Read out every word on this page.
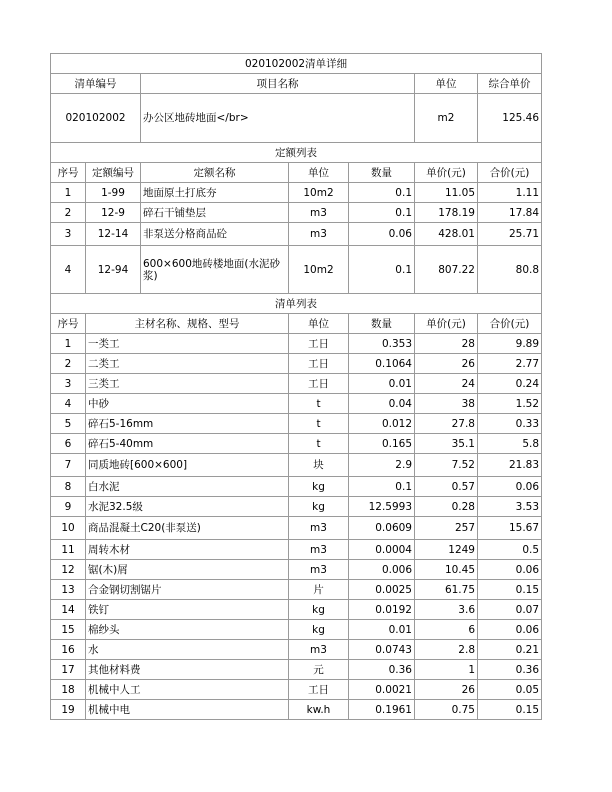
020102002清单详细						
清单编号		项目名称			单位	综合单价
020102002		办公区地砖地面</br>			m2	125.46
定额列表						
序号	定额编号	定额名称	单位	数量	单价(元)	合价(元)
1	1-99	地面原土打底夯	10m2	0.1	11.05	1.11
2	12-9	碎石干铺垫层	m3	0.1	178.19	17.84
3	12-14	非泵送分格商品砼	m3	0.06	428.01	25.71
4	12-94	600×600地砖楼地面(水泥砂浆)	10m2	0.1	807.22	80.8
清单列表						
序号	主材名称、规格、型号		单位	数量	单价(元)	合价(元)
1	一类工		工日	0.353	28	9.89
2	二类工		工日	0.1064	26	2.77
3	三类工		工日	0.01	24	0.24
4	中砂		t	0.04	38	1.52
5	碎石5-16mm		t	0.012	27.8	0.33
6	碎石5-40mm		t	0.165	35.1	5.8
7	同质地砖[600×600]		块	2.9	7.52	21.83
8	白水泥		kg	0.1	0.57	0.06
9	水泥32.5级		kg	12.5993	0.28	3.53
10	商品混凝土C20(非泵送)		m3	0.0609	257	15.67
11	周转木材		m3	0.0004	1249	0.5
12	锯(木)屑		m3	0.006	10.45	0.06
13	合金钢切割锯片		片	0.0025	61.75	0.15
14	铁钉		kg	0.0192	3.6	0.07
15	棉纱头		kg	0.01	6	0.06
16	水		m3	0.0743	2.8	0.21
17	其他材料费		元	0.36	1	0.36
18	机械中人工		工日	0.0021	26	0.05
19	机械中电		kw.h	0.1961	0.75	0.15
